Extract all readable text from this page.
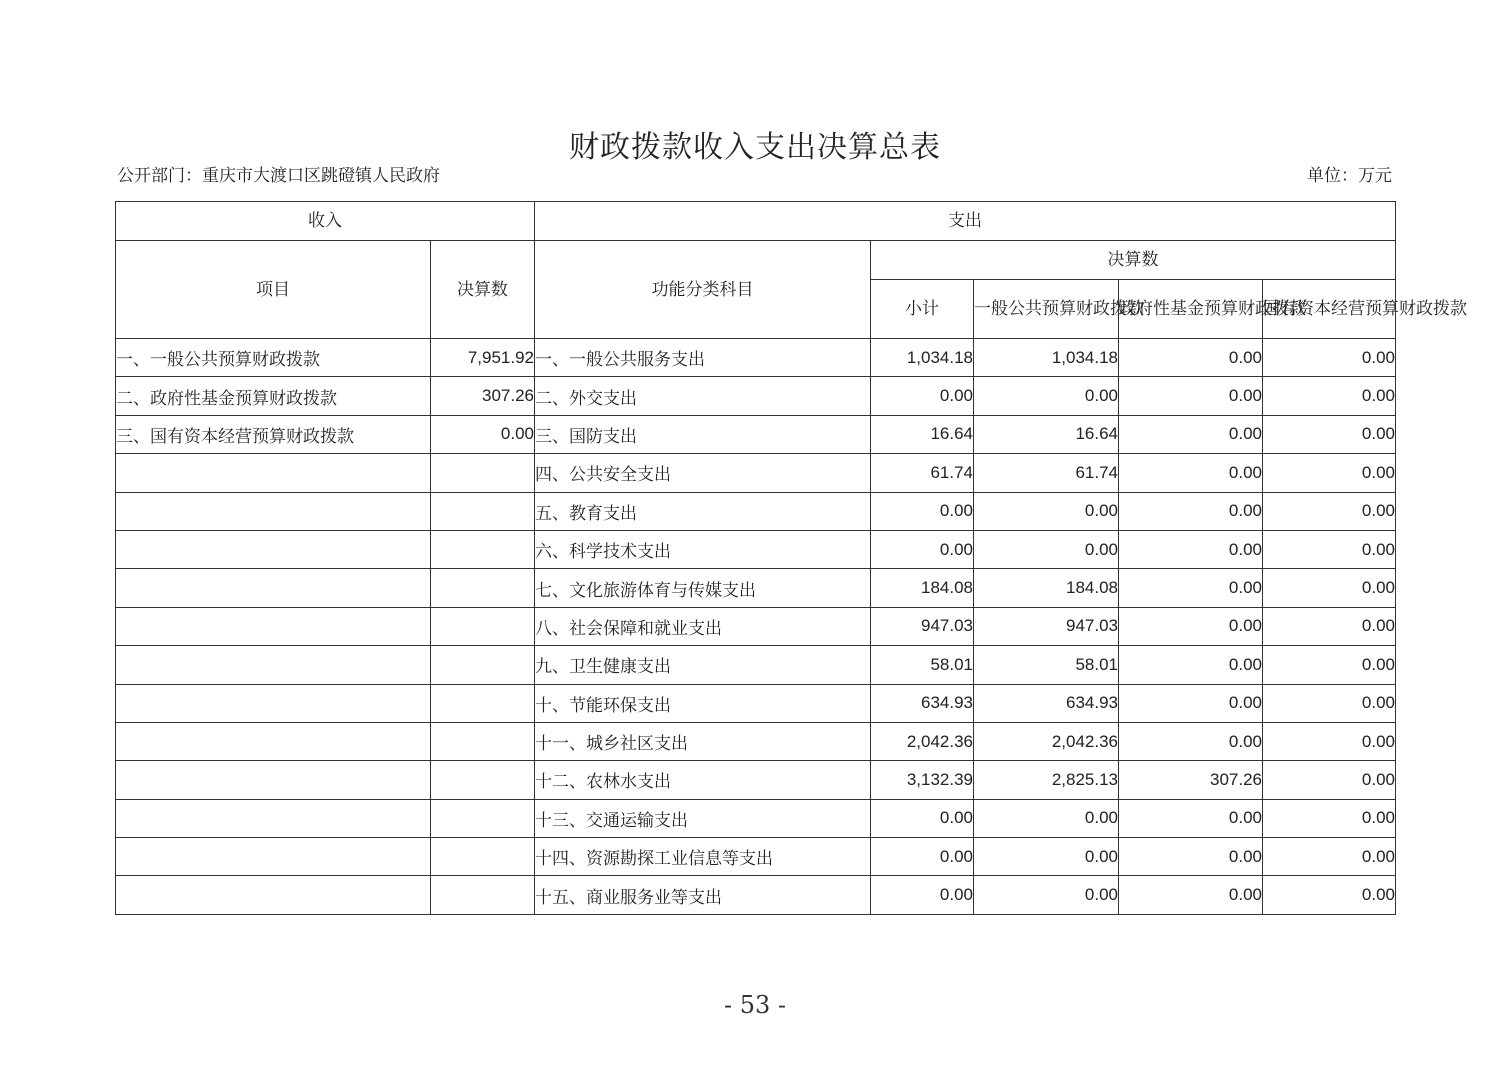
财政拨款收入支出决算总表
公开部门：重庆市大渡口区跳磴镇人民政府	单位：万元
收入		支出				
项目	决算数	功能分类科目	决算数			
			小计	一般公共预算财政拨款	政府性基金预算财政拨款	国有资本经营预算财政拨款
一、一般公共预算财政拨款	7,951.92	一、一般公共服务支出	1,034.18	1,034.18	0.00	0.00
二、政府性基金预算财政拨款	307.26	二、外交支出	0.00	0.00	0.00	0.00
三、国有资本经营预算财政拨款	0.00	三、国防支出	16.64	16.64	0.00	0.00
		四、公共安全支出	61.74	61.74	0.00	0.00
		五、教育支出	0.00	0.00	0.00	0.00
		六、科学技术支出	0.00	0.00	0.00	0.00
		七、文化旅游体育与传媒支出	184.08	184.08	0.00	0.00
		八、社会保障和就业支出	947.03	947.03	0.00	0.00
		九、卫生健康支出	58.01	58.01	0.00	0.00
		十、节能环保支出	634.93	634.93	0.00	0.00
		十一、城乡社区支出	2,042.36	2,042.36	0.00	0.00
		十二、农林水支出	3,132.39	2,825.13	307.26	0.00
		十三、交通运输支出	0.00	0.00	0.00	0.00
		十四、资源勘探工业信息等支出	0.00	0.00	0.00	0.00
		十五、商业服务业等支出	0.00	0.00	0.00	0.00
- 53 -
